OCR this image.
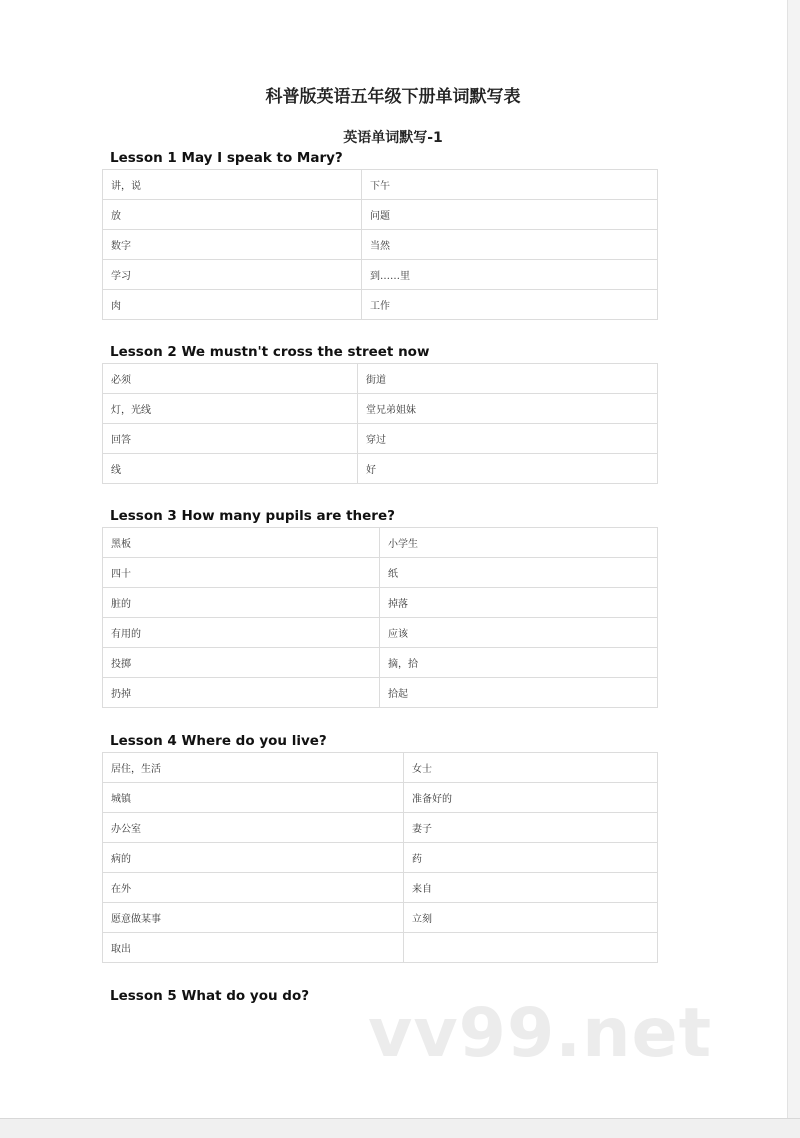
科普版英语五年级下册单词默写表
英语单词默写-1
Lesson 1 May I speak to Mary?
讲，说	下午
放	问题
数字	当然
学习	到……里
肉	工作
Lesson 2 We mustn't cross the street now
必须	街道
灯，光线	堂兄弟姐妹
回答	穿过
线	好
Lesson 3 How many pupils are there?
黑板	小学生
四十	纸
脏的	掉落
有用的	应该
投掷	摘，拾
扔掉	拾起
Lesson 4 Where do you live?
居住，生活	女士
城镇	准备好的
办公室	妻子
病的	药
在外	来自
愿意做某事	立刻
取出	
Lesson 5 What do you do? vv99.net
